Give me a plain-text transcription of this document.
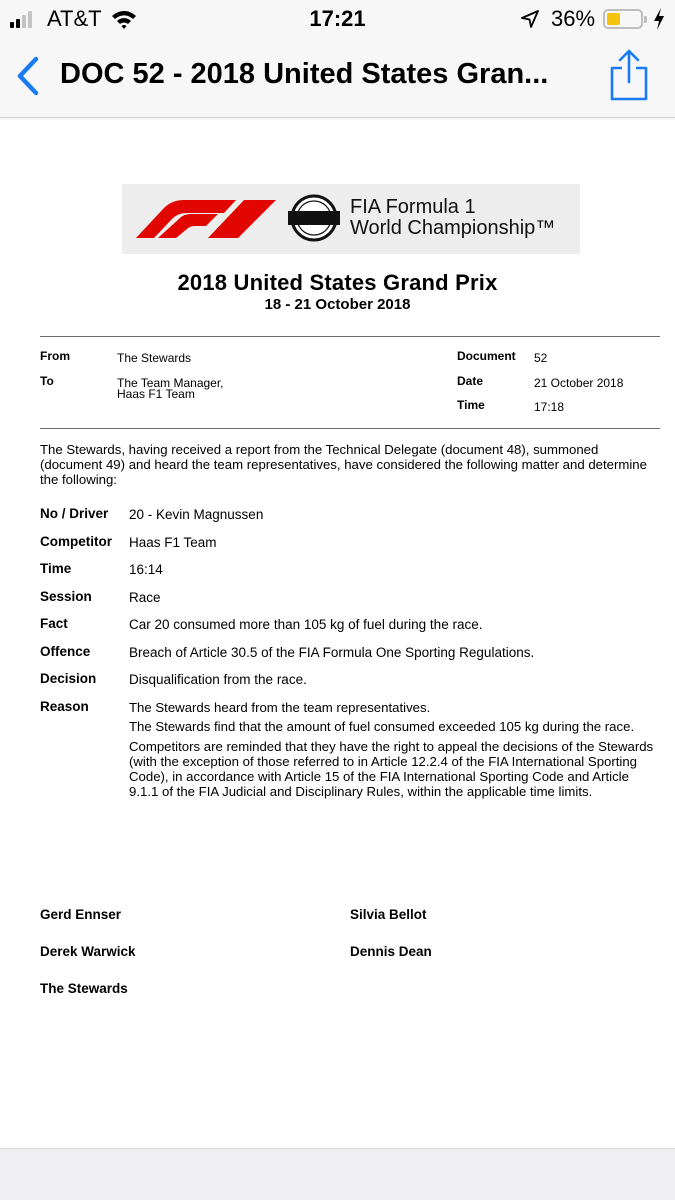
AT&T	17:21	36%
DOC 52 - 2018 United States Gran...
FIA Formula 1
World Championship™
2018 United States Grand Prix
18 - 21 October 2018
From	The Stewards
To	The Team Manager,
Haas F1 Team
Document 52
Date	21 October 2018
Time	17:18

The Stewards, having received a report from the Technical Delegate (document 48), summoned (document 49) and heard the team representatives, have considered the following matter and determine the following:

No / Driver 20 - Kevin Magnussen
Competitor Haas F1 Team
Time	16:14
Session	Race
Fact	Car 20 consumed more than 105 kg of fuel during the race.
Offence	Breach of Article 30.5 of the FIA Formula One Sporting Regulations.
Decision Disqualification from the race.
Reason	The Stewards heard from the team representatives.

The Stewards find that the amount of fuel consumed exceeded 105 kg during the race.

Competitors are reminded that they have the right to appeal the decisions of the Stewards (with the exception of those referred to in Article 12.2.4 of the FIA International Sporting Code), in accordance with Article 15 of the FIA International Sporting Code and Article 9.1.1 of the FIA Judicial and Disciplinary Rules, within the applicable time limits.

Gerd Ennser	Silvia Bellot
Derek Warwick	Dennis Dean
The Stewards
